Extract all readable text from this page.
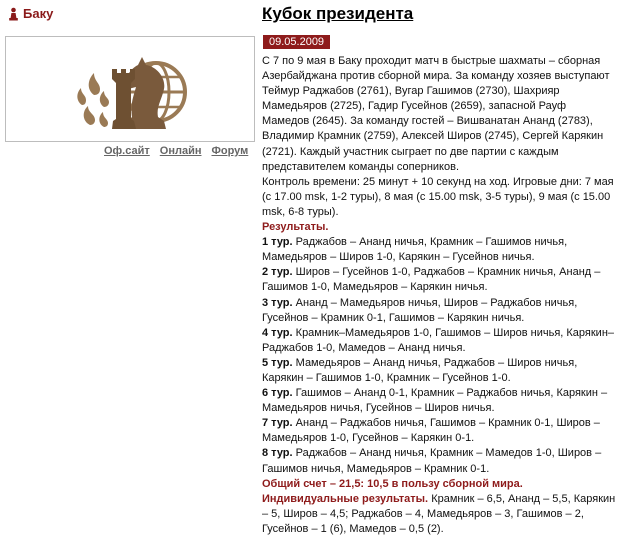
Баку
Оф.сайт Онлайн Форум
Кубок президента
09.05.2009

С 7 по 9 мая в Баку проходит матч в быстрые шахматы – сборная Азербайджана против сборной мира. За команду хозяев выступают Теймур Раджабов (2761), Вугар Гашимов (2730), Шахрияр Мамедьяров (2725), Гадир Гусейнов (2659), запасной Рауф Мамедов (2645). За команду гостей – Вишванатан Ананд (2783), Владимир Крамник (2759), Алексей Широв (2745), Сергей Карякин (2721). Каждый участник сыграет по две партии с каждым представителем команды соперников.

Контроль времени: 25 минут + 10 секунд на ход. Игровые дни: 7 мая (с 17.00 msk, 1-2 туры), 8 мая (с 15.00 msk, 3-5 туры), 9 мая (с 15.00 msk, 6-8 туры).

Результаты.

1 тур. Раджабов – Ананд ничья, Крамник – Гашимов ничья, Мамедьяров – Широв 1-0, Карякин – Гусейнов ничья.

2 тур. Широв – Гусейнов 1-0, Раджабов – Крамник ничья, Ананд – Гашимов 1-0, Мамедьяров – Карякин ничья.

3 тур. Ананд – Мамедьяров ничья, Широв – Раджабов ничья, Гусейнов – Крамник 0-1, Гашимов – Карякин ничья.

4 тур. Крамник–Мамедьяров 1-0, Гашимов – Широв ничья, Карякин–Раджабов 1-0, Мамедов – Ананд ничья.

5 тур. Мамедьяров – Ананд ничья, Раджабов – Широв ничья, Карякин – Гашимов 1-0, Крамник – Гусейнов 1-0.

6 тур. Гашимов – Ананд 0-1, Крамник – Раджабов ничья, Карякин – Мамедьяров ничья, Гусейнов – Широв ничья.

7 тур. Ананд – Раджабов ничья, Гашимов – Крамник 0-1, Широв – Мамедьяров 1-0, Гусейнов – Карякин 0-1.

8 тур. Раджабов – Ананд ничья, Крамник – Мамедов 1-0, Широв – Гашимов ничья, Мамедьяров – Крамник 0-1.

Общий счет – 21,5: 10,5 в пользу сборной мира.

Индивидуальные результаты. Крамник – 6,5, Ананд – 5,5, Карякин – 5, Широв – 4,5; Раджабов – 4, Мамедьяров – 3, Гашимов – 2, Гусейнов – 1 (6), Мамедов – 0,5 (2).
